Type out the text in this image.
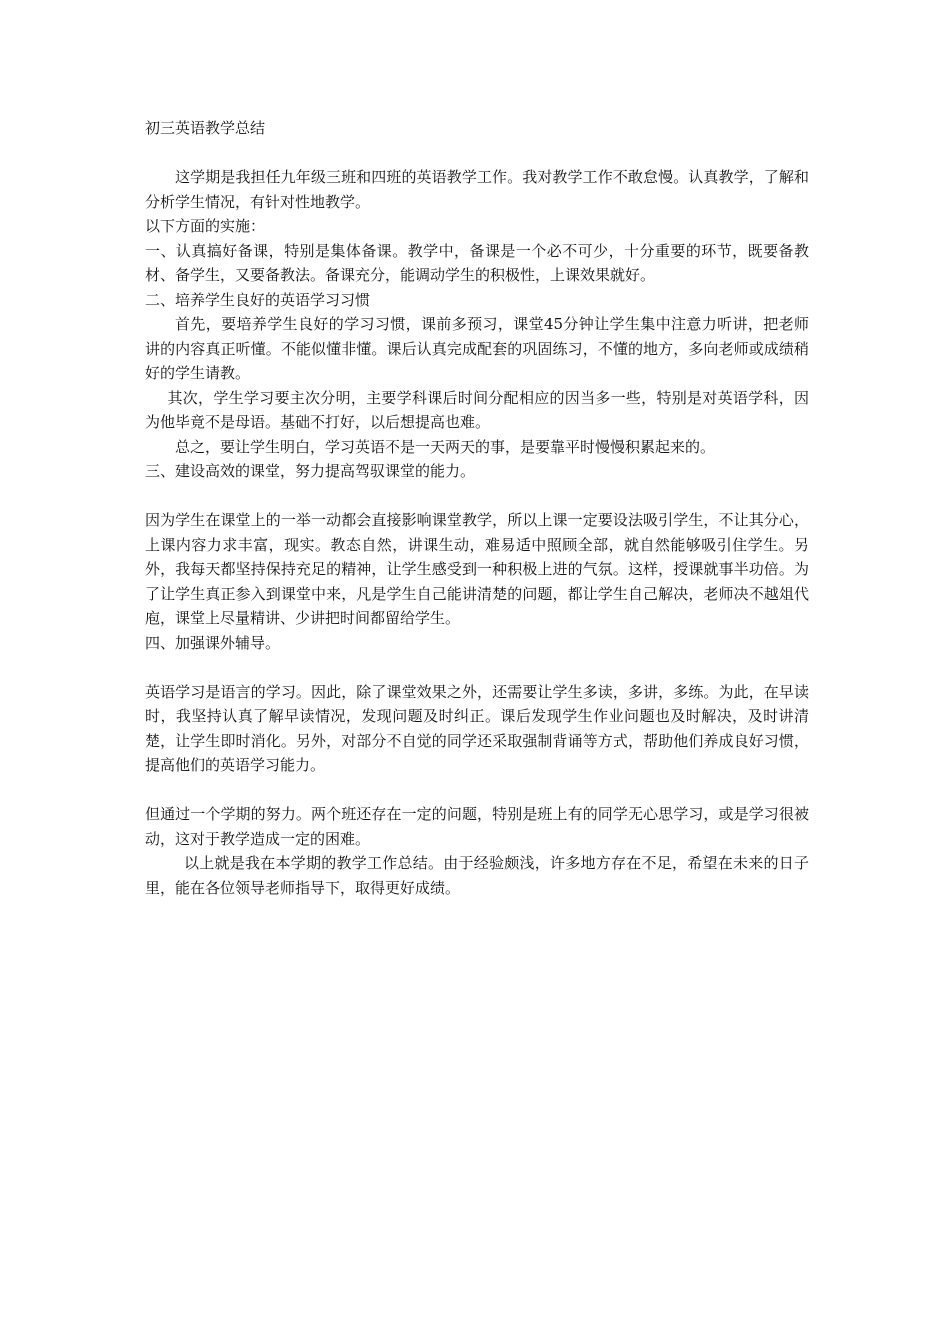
初三英语教学总结

这学期是我担任九年级三班和四班的英语教学工作。我对教学工作不敢怠慢。认真教学，了解和分析学生情况，有针对性地教学。

以下方面的实施：

一、认真搞好备课，特别是集体备课。教学中，备课是一个必不可少，十分重要的环节，既要备教材、备学生，又要备教法。备课充分，能调动学生的积极性，上课效果就好。

二、培养学生良好的英语学习习惯

首先，要培养学生良好的学习习惯，课前多预习，课堂45分钟让学生集中注意力听讲，把老师讲的内容真正听懂。不能似懂非懂。课后认真完成配套的巩固练习，不懂的地方，多向老师或成绩稍好的学生请教。

其次，学生学习要主次分明，主要学科课后时间分配相应的因当多一些，特别是对英语学科，因为他毕竟不是母语。基础不打好，以后想提高也难。

总之，要让学生明白，学习英语不是一天两天的事，是要靠平时慢慢积累起来的。

三、建设高效的课堂，努力提高驾驭课堂的能力。

因为学生在课堂上的一举一动都会直接影响课堂教学，所以上课一定要设法吸引学生，不让其分心，上课内容力求丰富，现实。教态自然，讲课生动，难易适中照顾全部，就自然能够吸引住学生。另外，我每天都坚持保持充足的精神，让学生感受到一种积极上进的气氛。这样，授课就事半功倍。为了让学生真正参入到课堂中来，凡是学生自己能讲清楚的问题，都让学生自己解决，老师决不越俎代庖，课堂上尽量精讲、少讲把时间都留给学生。

四、加强课外辅导。

英语学习是语言的学习。因此，除了课堂效果之外，还需要让学生多读，多讲，多练。为此，在早读时，我坚持认真了解早读情况，发现问题及时纠正。课后发现学生作业问题也及时解决，及时讲清楚，让学生即时消化。另外，对部分不自觉的同学还采取强制背诵等方式，帮助他们养成良好习惯，提高他们的英语学习能力。

但通过一个学期的努力。两个班还存在一定的问题，特别是班上有的同学无心思学习，或是学习很被动，这对于教学造成一定的困难。

以上就是我在本学期的教学工作总结。由于经验颇浅，许多地方存在不足，希望在未来的日子里，能在各位领导老师指导下，取得更好成绩。
